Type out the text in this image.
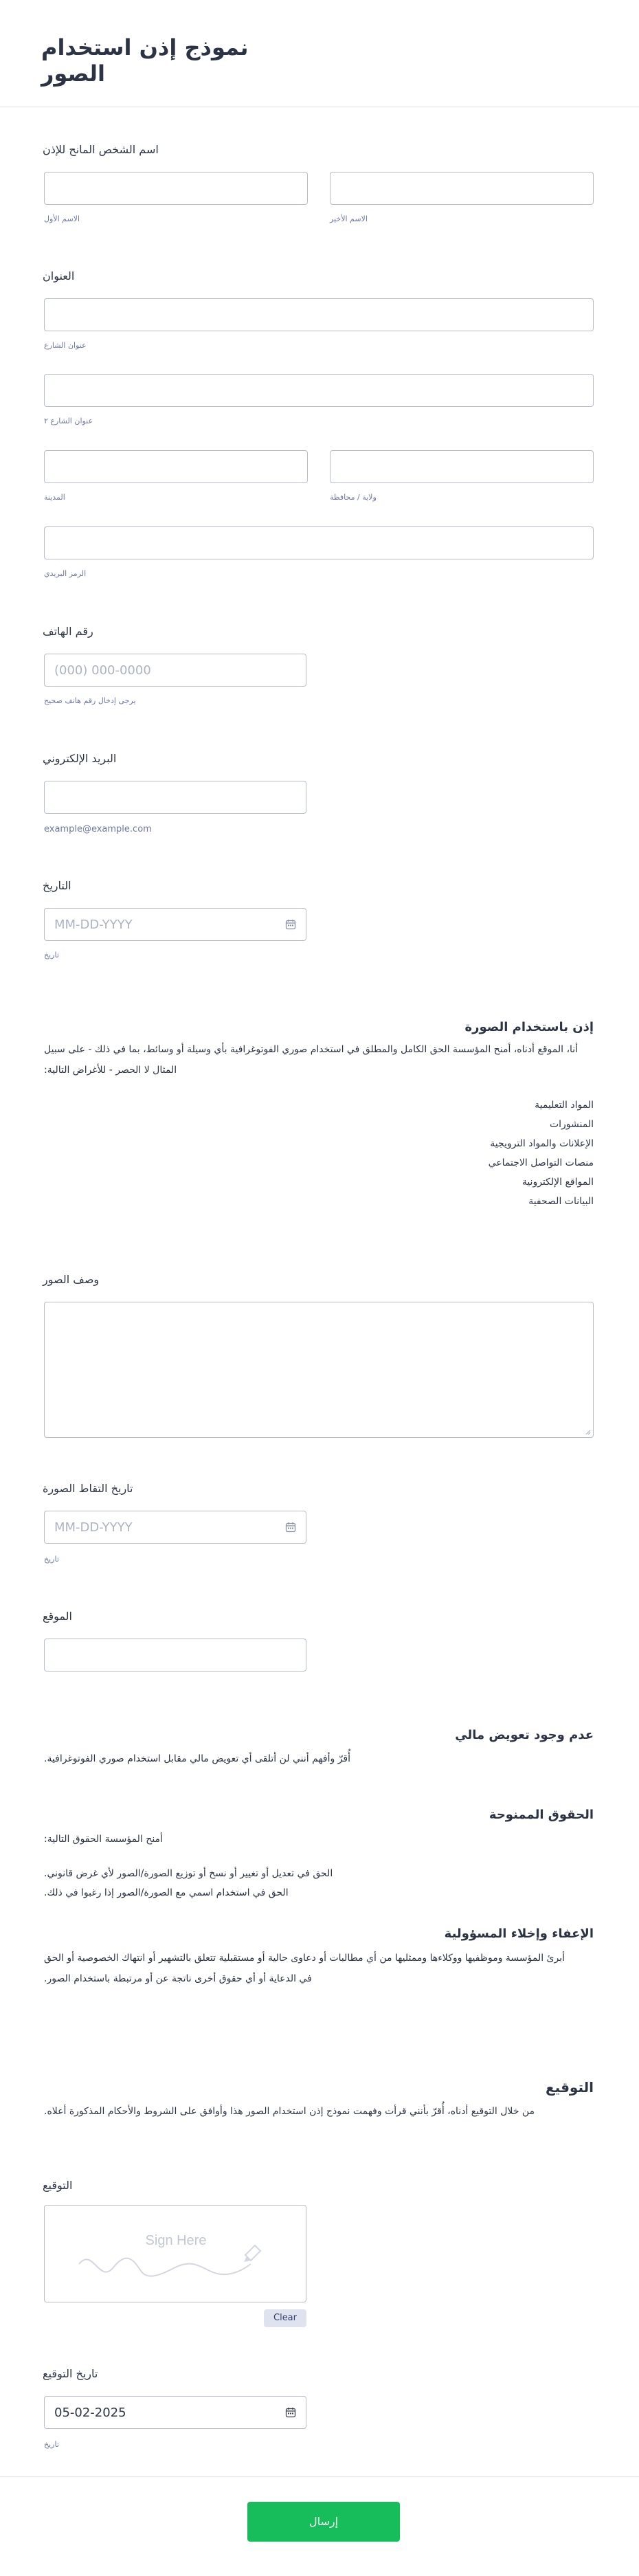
نموذج إذن استخدام الصور
اسم الشخص المانح للإذن
الاسم الأول	الاسم الأخير
العنوان
عنوان الشارع
عنوان الشارع ٢
المدينة	ولاية / محافظة
الرمز البريدي
رقم الهاتف
(000) 000-0000
يرجى إدخال رقم هاتف صحيح
البريد الإلكتروني
example@example.com
التاريخ
MM-DD-YYYY
تاريخ
إذن باستخدام الصورة
أنا، الموقع أدناه، أمنح المؤسسة الحق الكامل والمطلق في استخدام صوري الفوتوغرافية بأي وسيلة أو وسائط، بما في ذلك - على سبيل
المثال لا الحصر - للأغراض التالية:
المواد التعليمية
المنشورات
الإعلانات والمواد الترويجية
منصات التواصل الاجتماعي
المواقع الإلكترونية
البيانات الصحفية
وصف الصور
تاريخ التقاط الصورة
MM-DD-YYYY
تاريخ
الموقع
عدم وجود تعويض مالي
أُقرّ وأفهم أنني لن أتلقى أي تعويض مالي مقابل استخدام صوري الفوتوغرافية.
الحقوق الممنوحة
أمنح المؤسسة الحقوق التالية:
الحق في تعديل أو تغيير أو نسخ أو توزيع الصورة/الصور لأي غرض قانوني.
الحق في استخدام اسمي مع الصورة/الصور إذا رغبوا في ذلك.
الإعفاء وإخلاء المسؤولية
أبرئ المؤسسة وموظفيها ووكلاءها وممثليها من أي مطالبات أو دعاوى حالية أو مستقبلية تتعلق بالتشهير أو انتهاك الخصوصية أو الحق
في الدعاية أو أي حقوق أخرى ناتجة عن أو مرتبطة باستخدام الصور.
التوقيع
من خلال التوقيع أدناه، أُقرّ بأنني قرأت وفهمت نموذج إذن استخدام الصور هذا وأوافق على الشروط والأحكام المذكورة أعلاه.
التوقيع
Sign Here
Clear
تاريخ التوقيع
05-02-2025
تاريخ
إرسال
